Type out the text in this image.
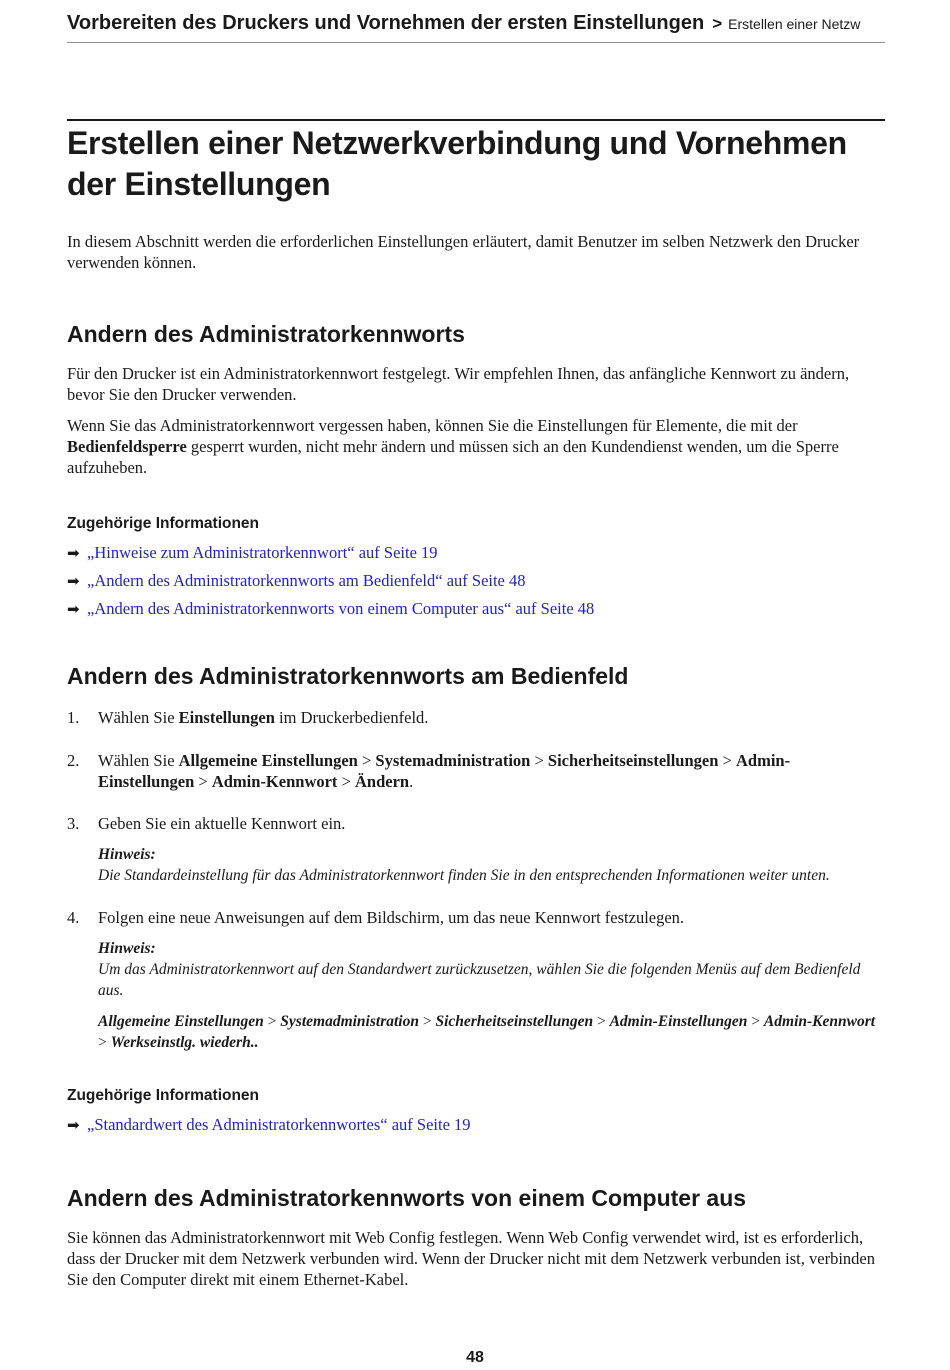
Vorbereiten des Druckers und Vornehmen der ersten Einstellungen > Erstellen einer Netzw
Erstellen einer Netzwerkverbindung und Vornehmen der Einstellungen

In diesem Abschnitt werden die erforderlichen Einstellungen erläutert, damit Benutzer im selben Netzwerk den Drucker verwenden können.

Andern des Administratorkennworts

Für den Drucker ist ein Administratorkennwort festgelegt. Wir empfehlen Ihnen, das anfängliche Kennwort zu ändern, bevor Sie den Drucker verwenden.

Wenn Sie das Administratorkennwort vergessen haben, können Sie die Einstellungen für Elemente, die mit der Bedienfeldsperre gesperrt wurden, nicht mehr ändern und müssen sich an den Kundendienst wenden, um die Sperre aufzuheben.

Zugehörige Informationen
➡ „Hinweise zum Administratorkennwort“ auf Seite 19
➡ „Andern des Administratorkennworts am Bedienfeld“ auf Seite 48
➡ „Andern des Administratorkennworts von einem Computer aus“ auf Seite 48
Andern des Administratorkennworts am Bedienfeld
1.	Wählen Sie Einstellungen im Druckerbedienfeld.

2.	Wählen Sie Allgemeine Einstellungen > Systemadministration > Sicherheitseinstellungen > Admin-Einstellungen > Admin-Kennwort > Ändern.

3.	Geben Sie ein aktuelle Kennwort ein.

Hinweis:
Die Standardeinstellung für das Administratorkennwort finden Sie in den entsprechenden Informationen weiter unten.
4.	Folgen eine neue Anweisungen auf dem Bildschirm, um das neue Kennwort festzulegen.

Hinweis:
Um das Administratorkennwort auf den Standardwert zurückzusetzen, wählen Sie die folgenden Menüs auf dem Bedienfeld aus.
Allgemeine Einstellungen > Systemadministration > Sicherheitseinstellungen > Admin-Einstellungen > Admin-Kennwort > Werkseinstlg. wiederh..
Zugehörige Informationen
➡ „Standardwert des Administratorkennwortes“ auf Seite 19
Andern des Administratorkennworts von einem Computer aus

Sie können das Administratorkennwort mit Web Config festlegen. Wenn Web Config verwendet wird, ist es erforderlich, dass der Drucker mit dem Netzwerk verbunden wird. Wenn der Drucker nicht mit dem Netzwerk verbunden ist, verbinden Sie den Computer direkt mit einem Ethernet-Kabel.

48
